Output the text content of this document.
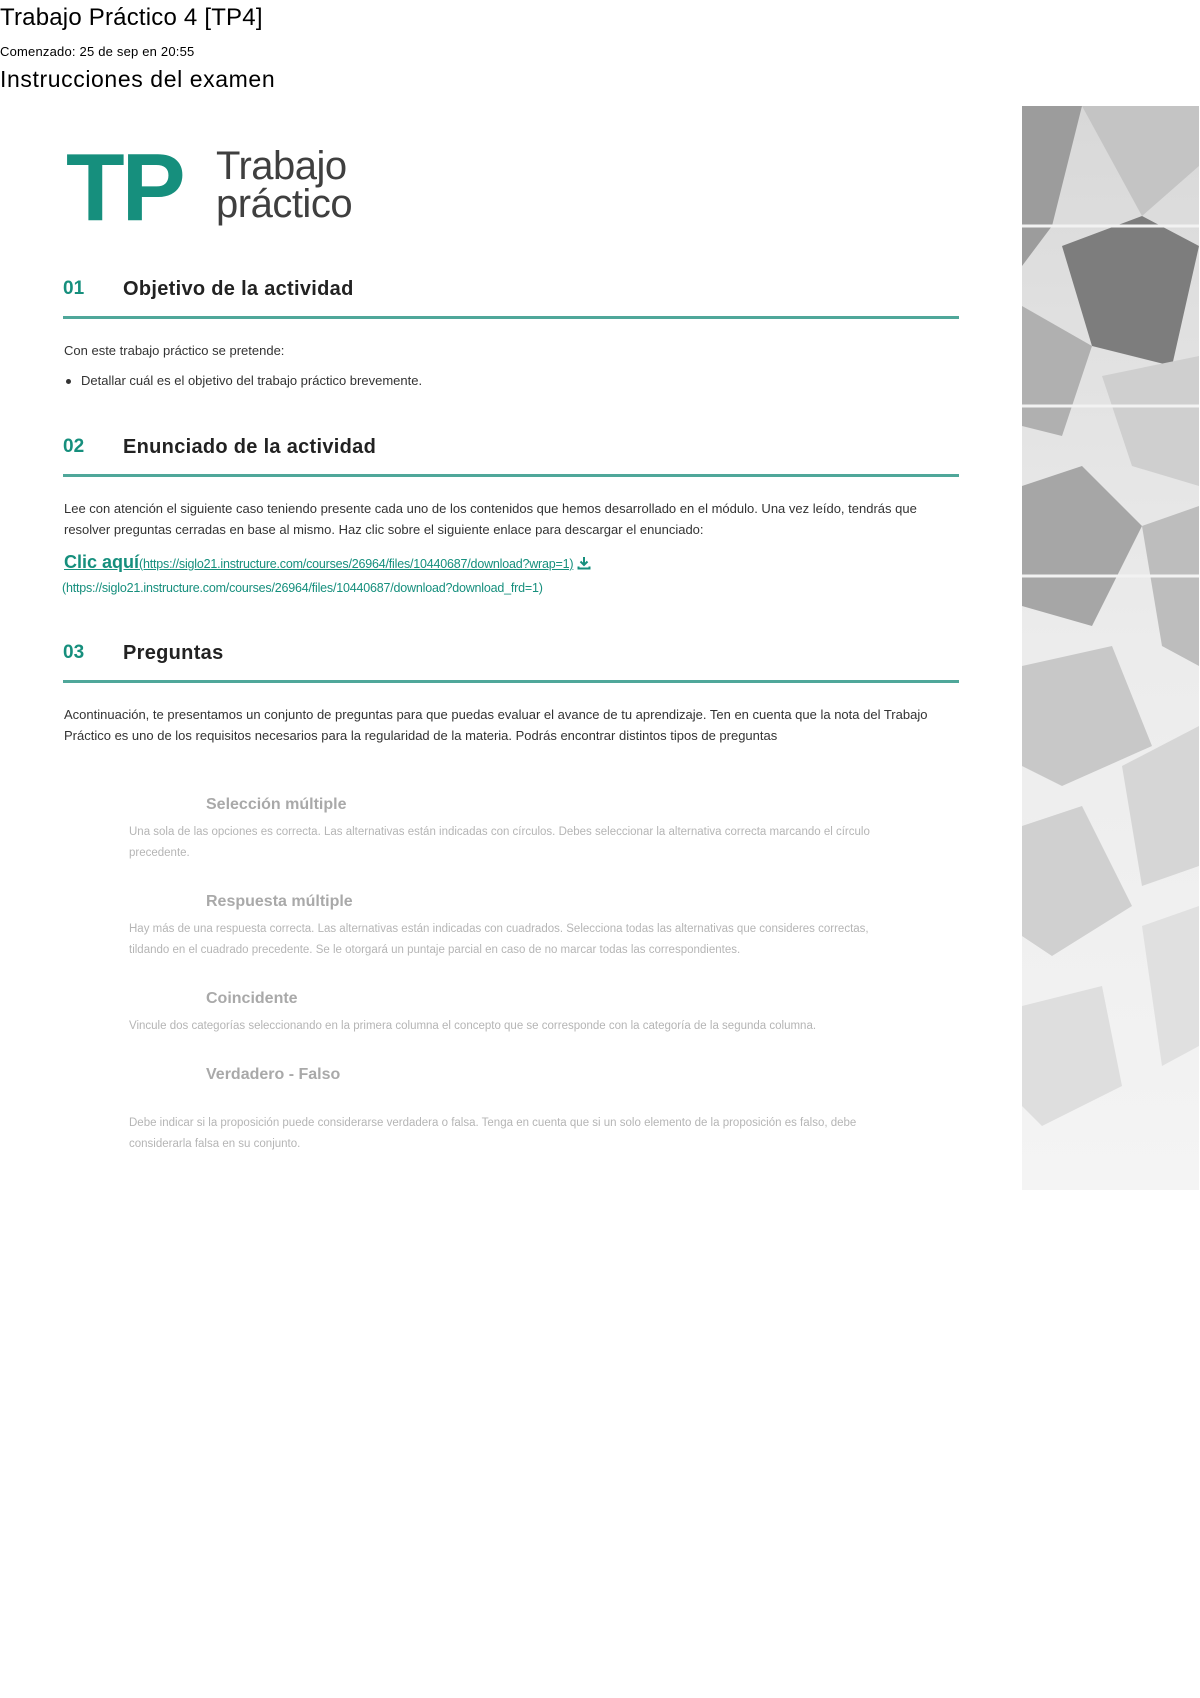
Trabajo Práctico 4 [TP4]
Comenzado: 25 de sep en 20:55
Instrucciones del examen
TP Trabajo
práctico
01 Objetivo de la actividad
Con este trabajo práctico se pretende:
Detallar cuál es el objetivo del trabajo práctico brevemente.
02 Enunciado de la actividad
Lee con atención el siguiente caso teniendo presente cada uno de los contenidos que hemos desarrollado en el módulo. Una vez leído, tendrás que resolver preguntas cerradas en base al mismo. Haz clic sobre el siguiente enlace para descargar el enunciado:
Clic aquí(https://siglo21.instructure.com/courses/26964/files/10440687/download?wrap=1)
(https://siglo21.instructure.com/courses/26964/files/10440687/download?download_frd=1)
03 Preguntas
Acontinuación, te presentamos un conjunto de preguntas para que puedas evaluar el avance de tu aprendizaje. Ten en cuenta que la nota del Trabajo Práctico es uno de los requisitos necesarios para la regularidad de la materia. Podrás encontrar distintos tipos de preguntas
Selección múltiple
Una sola de las opciones es correcta. Las alternativas están indicadas con círculos. Debes seleccionar la alternativa correcta marcando el círculo precedente.
Respuesta múltiple
Hay más de una respuesta correcta. Las alternativas están indicadas con cuadrados. Selecciona todas las alternativas que consideres correctas, tildando en el cuadrado precedente. Se le otorgará un puntaje parcial en caso de no marcar todas las correspondientes.
Coincidente
Vincule dos categorías seleccionando en la primera columna el concepto que se corresponde con la categoría de la segunda columna.
Verdadero - Falso
Debe indicar si la proposición puede considerarse verdadera o falsa. Tenga en cuenta que si un solo elemento de la proposición es falso, debe considerarla falsa en su conjunto.
